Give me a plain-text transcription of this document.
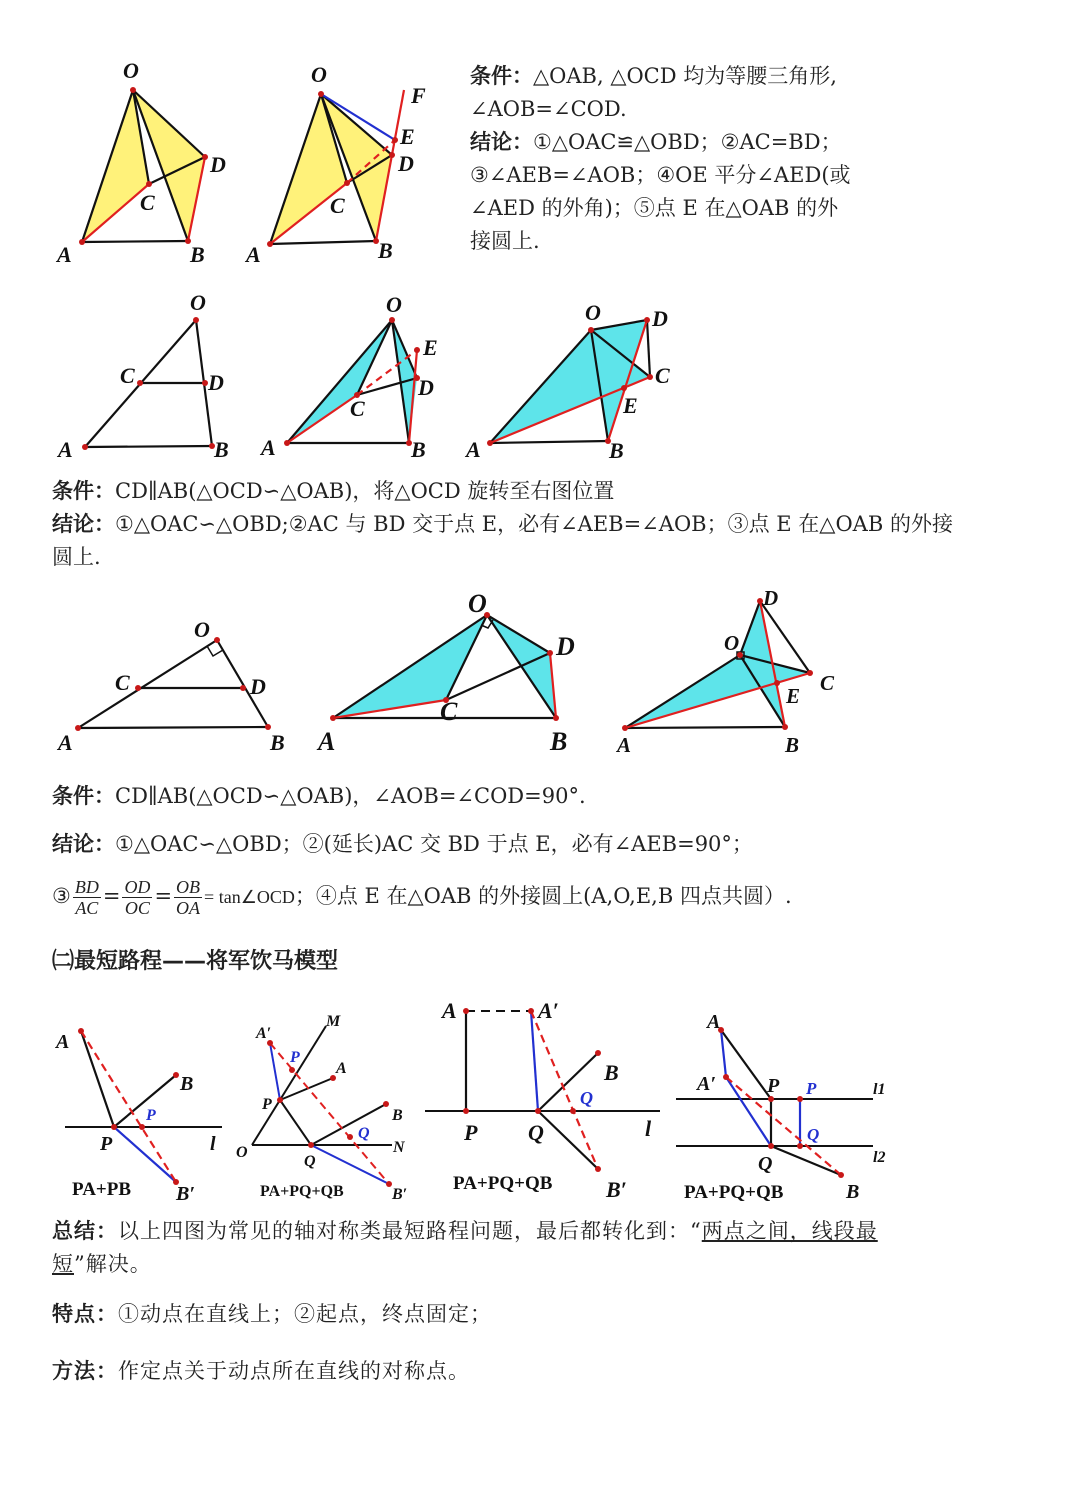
O
D
C
A	B
O
F
E
D
C
A	B
条件：△OAB, △OCD 均为等腰三角形,
∠AOB=∠COD.
结论：①△OAC≌△OBD；②AC=BD；
③∠AEB=∠AOB；④OE 平分∠AED(或
∠AED 的外角)；⑤点 E 在△OAB 的外
接圆上.
O
C	D
A	B
O
E
D
C
A	B
O D
C
E
A	B
条件：CD∥AB(△OCD∽△OAB)，将△OCD 旋转至右图位置
结论：①△OAC∽△OBD;②AC 与 BD 交于点 E，必有∠AEB=∠AOB；③点 E 在△OAB 的外接
圆上.
O
C	D
A	B
O
D
C
A	B
D
O
C
E
A	B
条件：CD∥AB(△OCD∽△OAB)，∠AOB=∠COD=90°.
结论：①△OAC∽△OBD；②(延长)AC 交 BD 于点 E，必有∠AEB=90°；
③ $\frac{BD}{AC} = \frac{OD}{OC} = \frac{OB}{OA}$ = tan∠OCD；④点 E 在△OAB 的外接圆上(A,O,E,B 四点共圆）.
㈡最短路程——将军饮马模型
A
B
P
P	l
B′
PA+PB
A′
M
P
A
P
B
Q
N
O
Q
B′
PA+PQ+QB
A	A′
B
Q
P Q	l
B′
PA+PQ+QB
A
A′	P P	l1
Q
l2
Q
B
PA+PQ+QB
总结：以上四图为常见的轴对称类最短路程问题，最后都转化到：“两点之间，线段最
短”解决。
特点：①动点在直线上；②起点，终点固定；
方法：作定点关于动点所在直线的对称点。
